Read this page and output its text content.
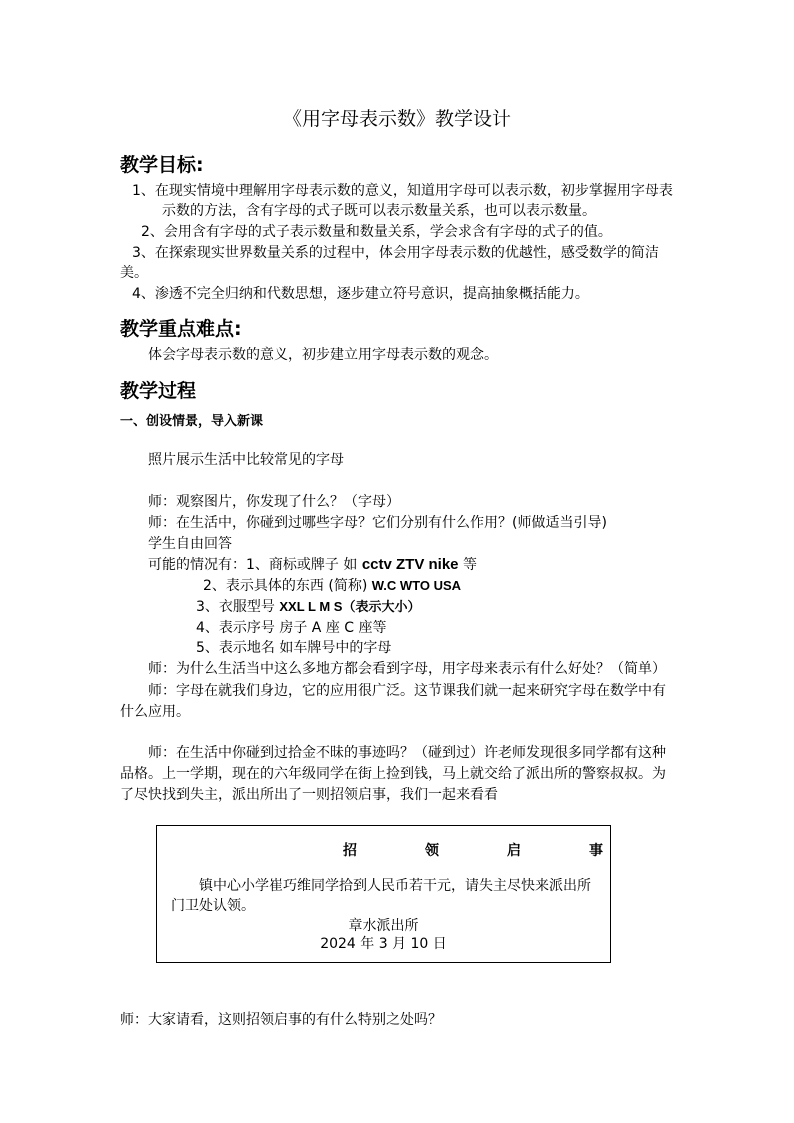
《用字母表示数》教学设计
教学目标:
1、在现实情境中理解用字母表示数的意义，知道用字母可以表示数，初步掌握用字母表
示数的方法，含有字母的式子既可以表示数量关系，也可以表示数量。
2、会用含有字母的式子表示数量和数量关系，学会求含有字母的式子的值。
3、在探索现实世界数量关系的过程中，体会用字母表示数的优越性，感受数学的简洁
美。
4、渗透不完全归纳和代数思想，逐步建立符号意识，提高抽象概括能力。
教学重点难点:
体会字母表示数的意义，初步建立用字母表示数的观念。
教学过程
一、创设情景，导入新课
照片展示生活中比较常见的字母
师：观察图片，你发现了什么？（字母）
师：在生活中，你碰到过哪些字母？它们分别有什么作用？(师做适当引导)
学生自由回答
可能的情况有：1、商标或牌子 如 cctv ZTV nike 等
2、表示具体的东西 (简称) W.C WTO USA
3、衣服型号 XXL L M S（表示大小）
4、表示序号 房子 A 座 C 座等
5、表示地名 如车牌号中的字母
师：为什么生活当中这么多地方都会看到字母，用字母来表示有什么好处？（简单）
师：字母在就我们身边，它的应用很广泛。这节课我们就一起来研究字母在数学中有
什么应用。
师：在生活中你碰到过拾金不昧的事迹吗？（碰到过）许老师发现很多同学都有这种
品格。上一学期，现在的六年级同学在街上捡到钱，马上就交给了派出所的警察叔叔。为
了尽快找到失主，派出所出了一则招领启事，我们一起来看看
招	领	启	事
镇中心小学崔巧维同学拾到人民币若干元，请失主尽快来派出所门卫处认领。
章水派出所
2024 年 3 月 10 日
师：大家请看，这则招领启事的有什么特别之处吗？
